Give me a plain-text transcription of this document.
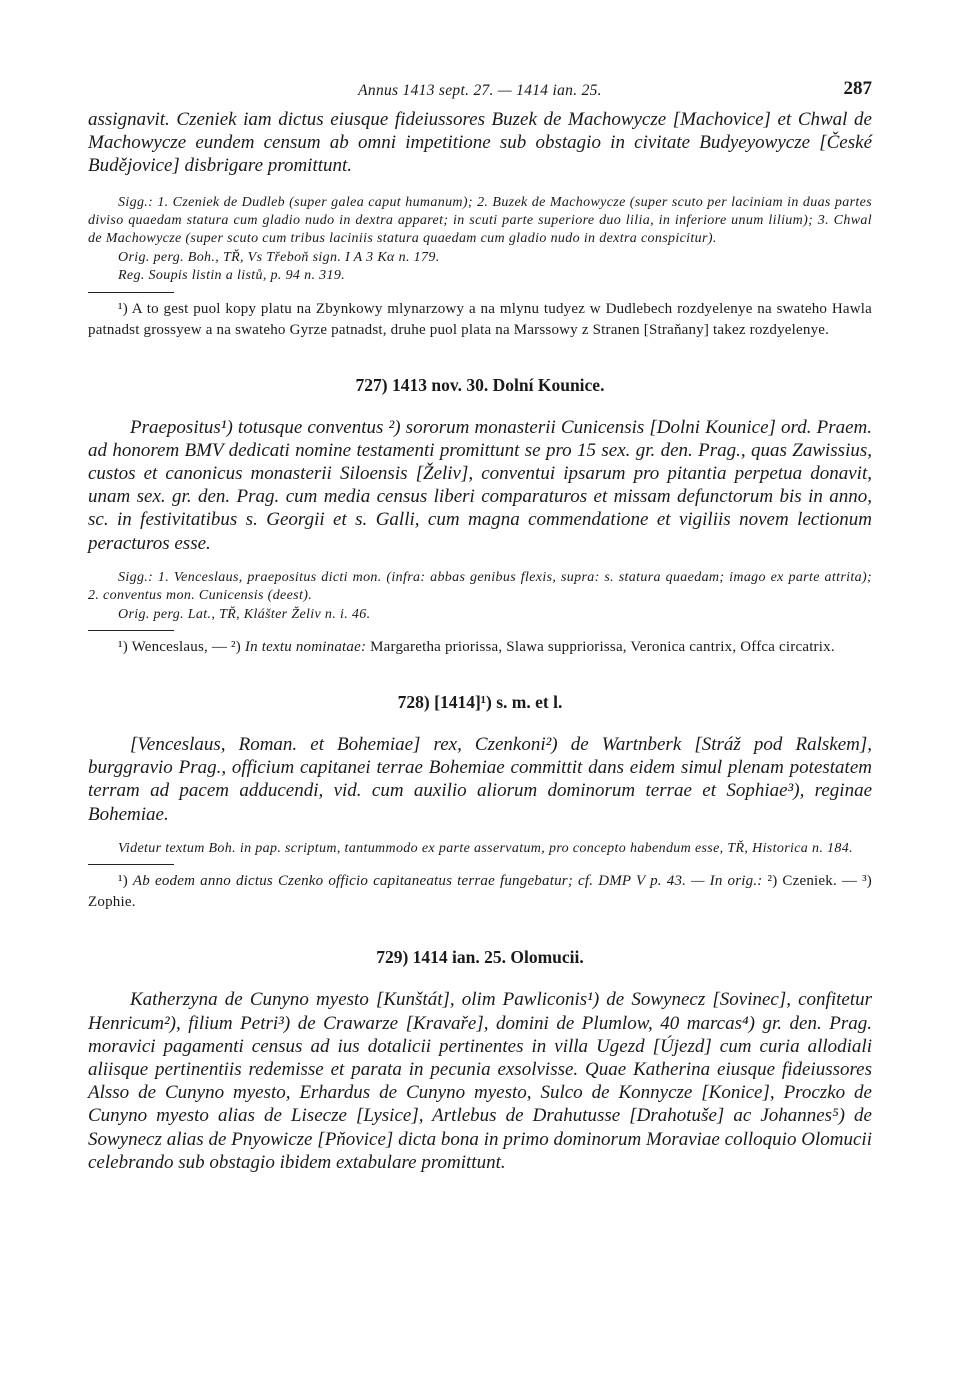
Annus 1413 sept. 27. — 1414 ian. 25.	287

assignavit. Czeniek iam dictus eiusque fideiussores Buzek de Machowycze [Machovice] et Chwal de Machowycze eundem censum ab omni impetitione sub obstagio in civitate Budyeyowycze [České Budějovice] disbrigare promittunt.

Sigg.: 1. Czeniek de Dudleb (super galea caput humanum); 2. Buzek de Machowycze (super scuto per laciniam in duas partes diviso quaedam statura cum gladio nudo in dextra apparet; in scuti parte superiore duo lilia, in inferiore unum lilium); 3. Chwal de Machowycze (super scuto cum tribus laciniis statura quaedam cum gladio nudo in dextra conspicitur).

Orig. perg. Boh., TŘ, Vs Třeboň sign. I A 3 Kα n. 179.

Reg. Soupis listin a listů, p. 94 n. 319.

¹) A to gest puol kopy platu na Zbynkowy mlynarzowy a na mlynu tudyez w Dudlebech rozdyelenye na swateho Hawla patnadst grossyew a na swateho Gyrze patnadst, druhe puol plata na Marssowy z Stranen [Straňany] takez rozdyelenye.

727) 1413 nov. 30. Dolní Kounice.

Praepositus¹) totusque conventus ²) sororum monasterii Cunicensis [Dolni Kounice] ord. Praem. ad honorem BMV dedicati nomine testamenti promittunt se pro 15 sex. gr. den. Prag., quas Zawissius, custos et canonicus monasterii Siloensis [Želiv], conventui ipsarum pro pitantia perpetua donavit, unam sex. gr. den. Prag. cum media census liberi comparaturos et missam defunctorum bis in anno, sc. in festivitatibus s. Georgii et s. Galli, cum magna commendatione et vigiliis novem lectionum peracturos esse.

Sigg.: 1. Venceslaus, praepositus dicti mon. (infra: abbas genibus flexis, supra: s. statura quaedam; imago ex parte attrita); 2. conventus mon. Cunicensis (deest).

Orig. perg. Lat., TŘ, Klášter Želiv n. i. 46.

¹) Wenceslaus, — ²) In textu nominatae: Margaretha priorissa, Slawa suppriorissa, Veronica cantrix, Offca circatrix.

728) [1414]¹) s. m. et l.

[Venceslaus, Roman. et Bohemiae] rex, Czenkoni²) de Wartnberk [Stráž pod Ralskem], burggravio Prag., officium capitanei terrae Bohemiae committit dans eidem simul plenam potestatem terram ad pacem adducendi, vid. cum auxilio aliorum dominorum terrae et Sophiae³), reginae Bohemiae.

Videtur textum Boh. in pap. scriptum, tantummodo ex parte asservatum, pro concepto habendum esse, TŘ, Historica n. 184.

¹) Ab eodem anno dictus Czenko officio capitaneatus terrae fungebatur; cf. DMP V p. 43. — In orig.: ²) Czeniek. — ³) Zophie.

729) 1414 ian. 25. Olomucii.

Katherzyna de Cunyno myesto [Kunštát], olim Pawliconis¹) de Sowynecz [Sovinec], confitetur Henricum²), filium Petri³) de Crawarze [Kravaře], domini de Plumlow, 40 marcas⁴) gr. den. Prag. moravici pagamenti census ad ius dotalicii pertinentes in villa Ugezd [Újezd] cum curia allodiali aliisque pertinentiis redemisse et parata in pecunia exsolvisse. Quae Katherina eiusque fideiussores Alsso de Cunyno myesto, Erhardus de Cunyno myesto, Sulco de Konnycze [Konice], Proczko de Cunyno myesto alias de Lisecze [Lysice], Artlebus de Drahutusse [Drahotuše] ac Johannes⁵) de Sowynecz alias de Pnyowicze [Pňovice] dicta bona in primo dominorum Moraviae colloquio Olomucii celebrando sub obstagio ibidem extabulare promittunt.
